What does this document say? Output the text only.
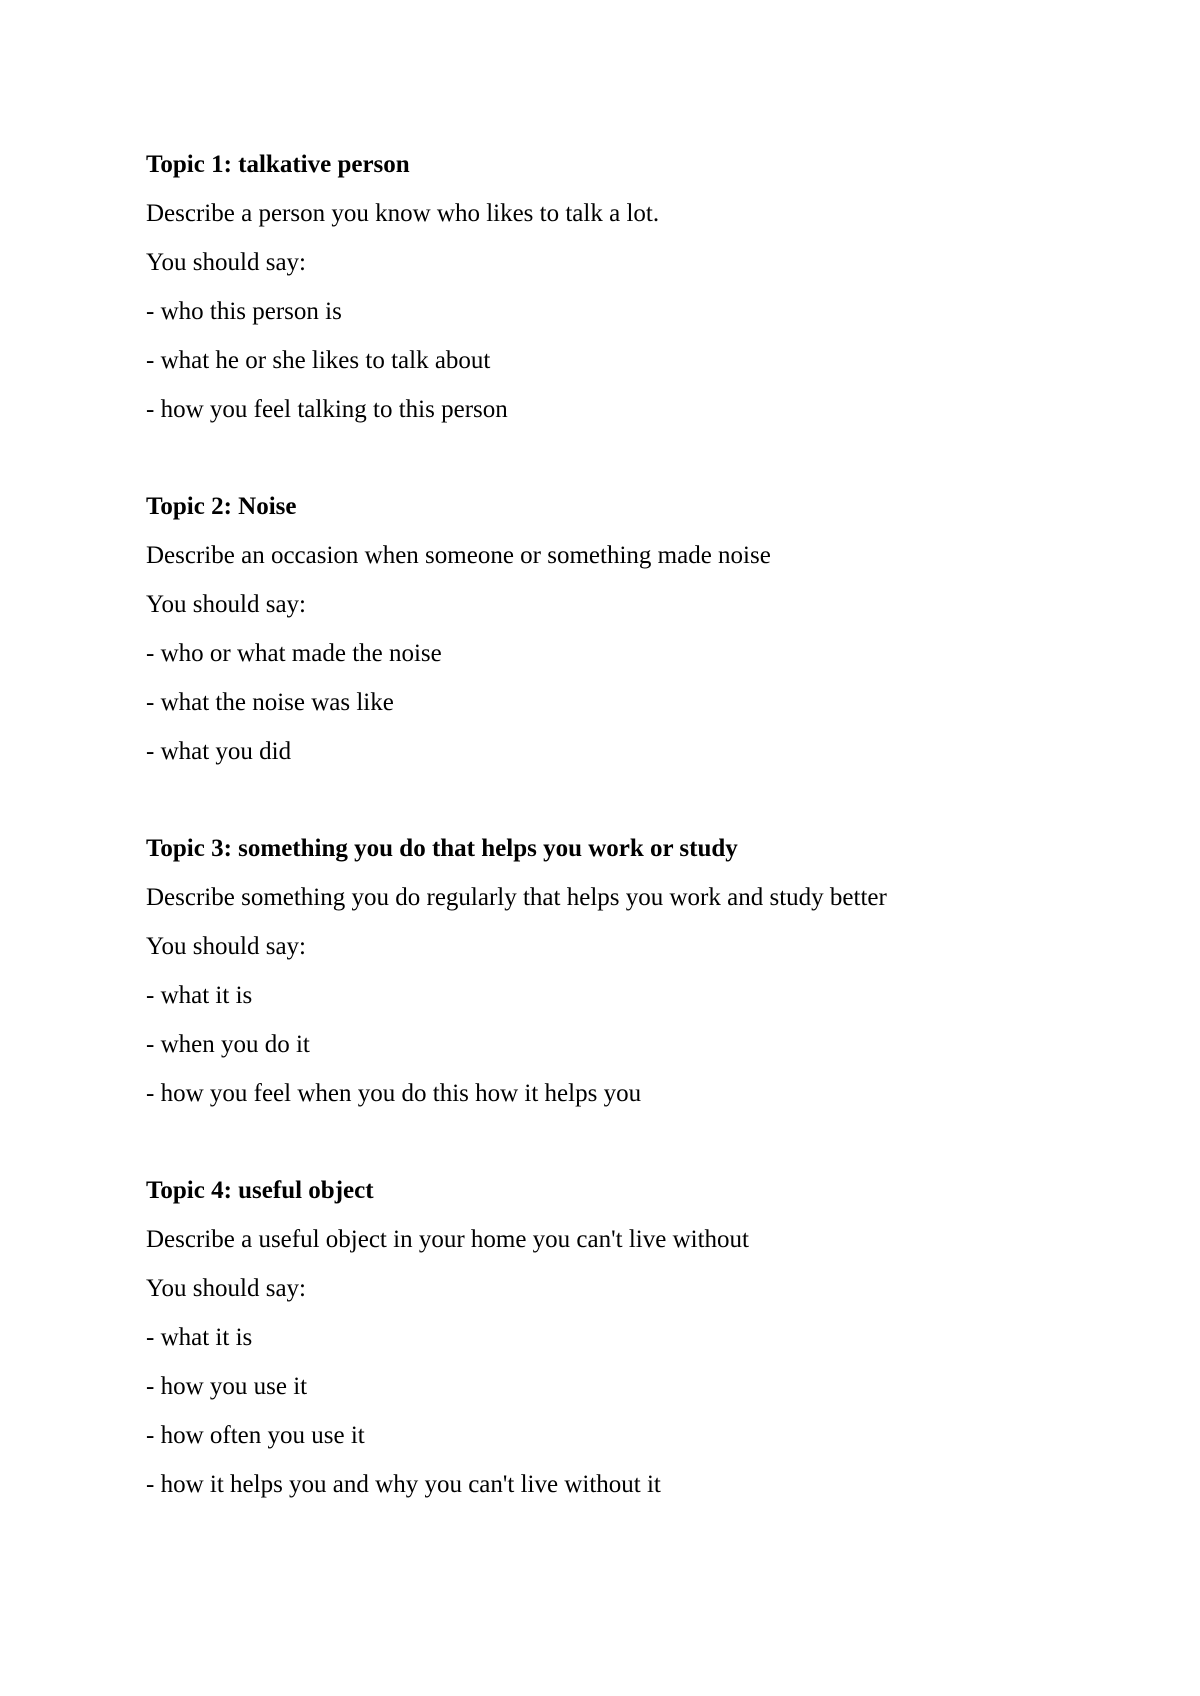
Topic 1: talkative person
Describe a person you know who likes to talk a lot.
You should say:
- who this person is
- what he or she likes to talk about
- how you feel talking to this person
Topic 2: Noise
Describe an occasion when someone or something made noise
You should say:
- who or what made the noise
- what the noise was like
- what you did
Topic 3: something you do that helps you work or study
Describe something you do regularly that helps you work and study better
You should say:
- what it is
- when you do it
- how you feel when you do this how it helps you
Topic 4: useful object
Describe a useful object in your home you can't live without
You should say:
- what it is
- how you use it
- how often you use it
- how it helps you and why you can't live without it
